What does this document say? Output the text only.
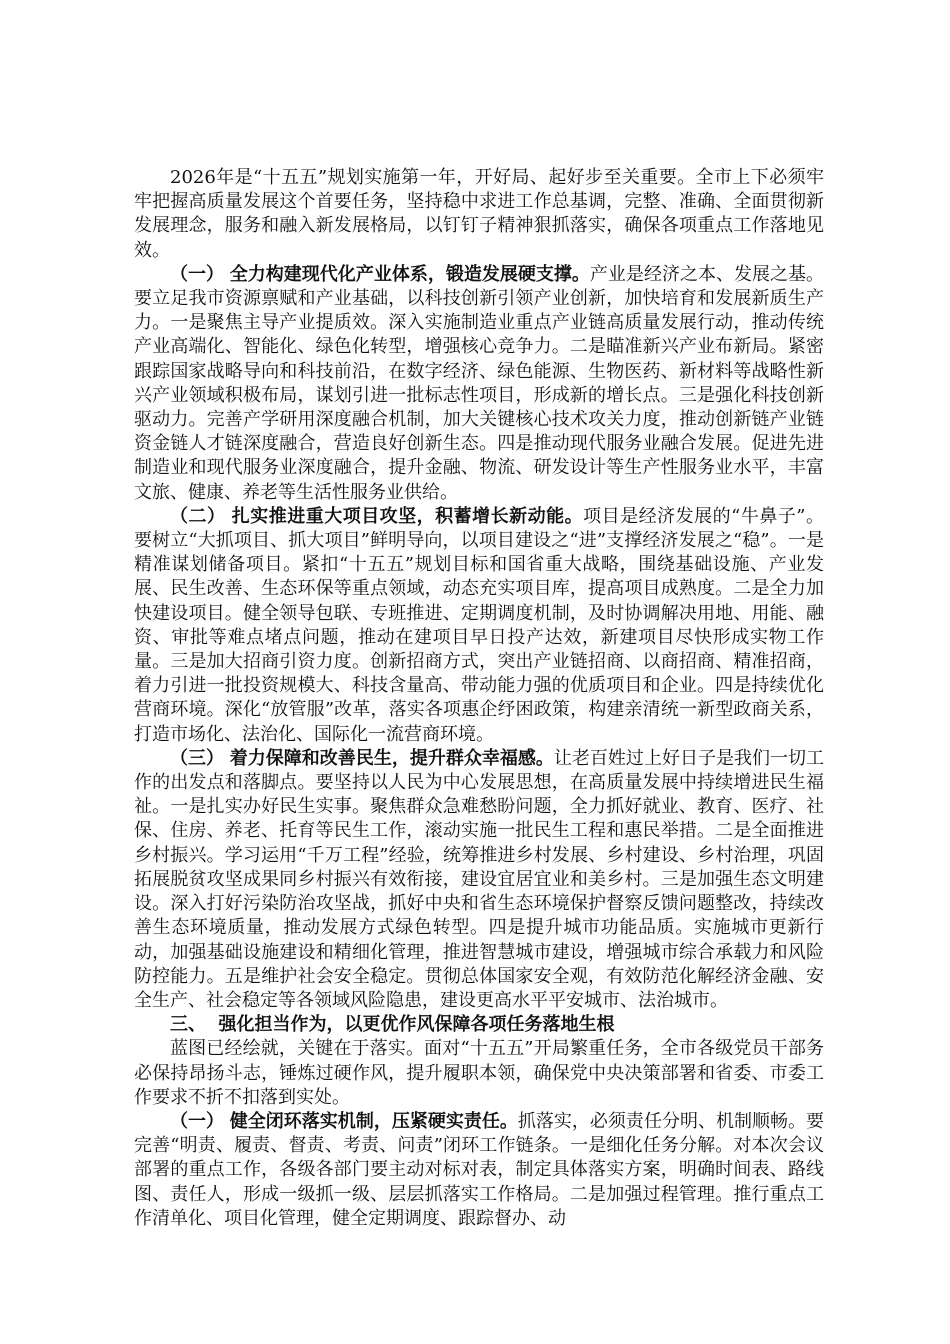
2026年是“十五五”规划实施第一年，开好局、起好步至关重要。全市上下必须牢牢把握高质量发展这个首要任务，坚持稳中求进工作总基调，完整、准确、全面贯彻新发展理念，服务和融入新发展格局，以钉钉子精神狠抓落实，确保各项重点工作落地见效。

（一） 全力构建现代化产业体系，锻造发展硬支撑。产业是经济之本、发展之基。要立足我市资源禀赋和产业基础，以科技创新引领产业创新，加快培育和发展新质生产力。一是聚焦主导产业提质效。深入实施制造业重点产业链高质量发展行动，推动传统产业高端化、智能化、绿色化转型，增强核心竞争力。二是瞄准新兴产业布新局。紧密跟踪国家战略导向和科技前沿，在数字经济、绿色能源、生物医药、新材料等战略性新兴产业领域积极布局，谋划引进一批标志性项目，形成新的增长点。三是强化科技创新驱动力。完善产学研用深度融合机制，加大关键核心技术攻关力度，推动创新链产业链资金链人才链深度融合，营造良好创新生态。四是推动现代服务业融合发展。促进先进制造业和现代服务业深度融合，提升金融、物流、研发设计等生产性服务业水平，丰富文旅、健康、养老等生活性服务业供给。

（二） 扎实推进重大项目攻坚，积蓄增长新动能。项目是经济发展的“牛鼻子”。要树立“大抓项目、抓大项目”鲜明导向，以项目建设之“进”支撑经济发展之“稳”。一是精准谋划储备项目。紧扣“十五五”规划目标和国省重大战略，围绕基础设施、产业发展、民生改善、生态环保等重点领域，动态充实项目库，提高项目成熟度。二是全力加快建设项目。健全领导包联、专班推进、定期调度机制，及时协调解决用地、用能、融资、审批等难点堵点问题，推动在建项目早日投产达效，新建项目尽快形成实物工作量。三是加大招商引资力度。创新招商方式，突出产业链招商、以商招商、精准招商，着力引进一批投资规模大、科技含量高、带动能力强的优质项目和企业。四是持续优化营商环境。深化“放管服”改革，落实各项惠企纾困政策，构建亲清统一新型政商关系，打造市场化、法治化、国际化一流营商环境。

（三） 着力保障和改善民生，提升群众幸福感。让老百姓过上好日子是我们一切工作的出发点和落脚点。要坚持以人民为中心发展思想，在高质量发展中持续增进民生福祉。一是扎实办好民生实事。聚焦群众急难愁盼问题，全力抓好就业、教育、医疗、社保、住房、养老、托育等民生工作，滚动实施一批民生工程和惠民举措。二是全面推进乡村振兴。学习运用“千万工程”经验，统筹推进乡村发展、乡村建设、乡村治理，巩固拓展脱贫攻坚成果同乡村振兴有效衔接，建设宜居宜业和美乡村。三是加强生态文明建设。深入打好污染防治攻坚战，抓好中央和省生态环境保护督察反馈问题整改，持续改善生态环境质量，推动发展方式绿色转型。四是提升城市功能品质。实施城市更新行动，加强基础设施建设和精细化管理，推进智慧城市建设，增强城市综合承载力和风险防控能力。五是维护社会安全稳定。贯彻总体国家安全观，有效防范化解经济金融、安全生产、社会稳定等各领域风险隐患，建设更高水平平安城市、法治城市。

三、 强化担当作为，以更优作风保障各项任务落地生根

蓝图已经绘就，关键在于落实。面对“十五五”开局繁重任务，全市各级党员干部务必保持昂扬斗志，锤炼过硬作风，提升履职本领，确保党中央决策部署和省委、市委工作要求不折不扣落到实处。

（一） 健全闭环落实机制，压紧硬实责任。抓落实，必须责任分明、机制顺畅。要完善“明责、履责、督责、考责、问责”闭环工作链条。一是细化任务分解。对本次会议部署的重点工作，各级各部门要主动对标对表，制定具体落实方案，明确时间表、路线图、责任人，形成一级抓一级、层层抓落实工作格局。二是加强过程管理。推行重点工作清单化、项目化管理，健全定期调度、跟踪督办、动
